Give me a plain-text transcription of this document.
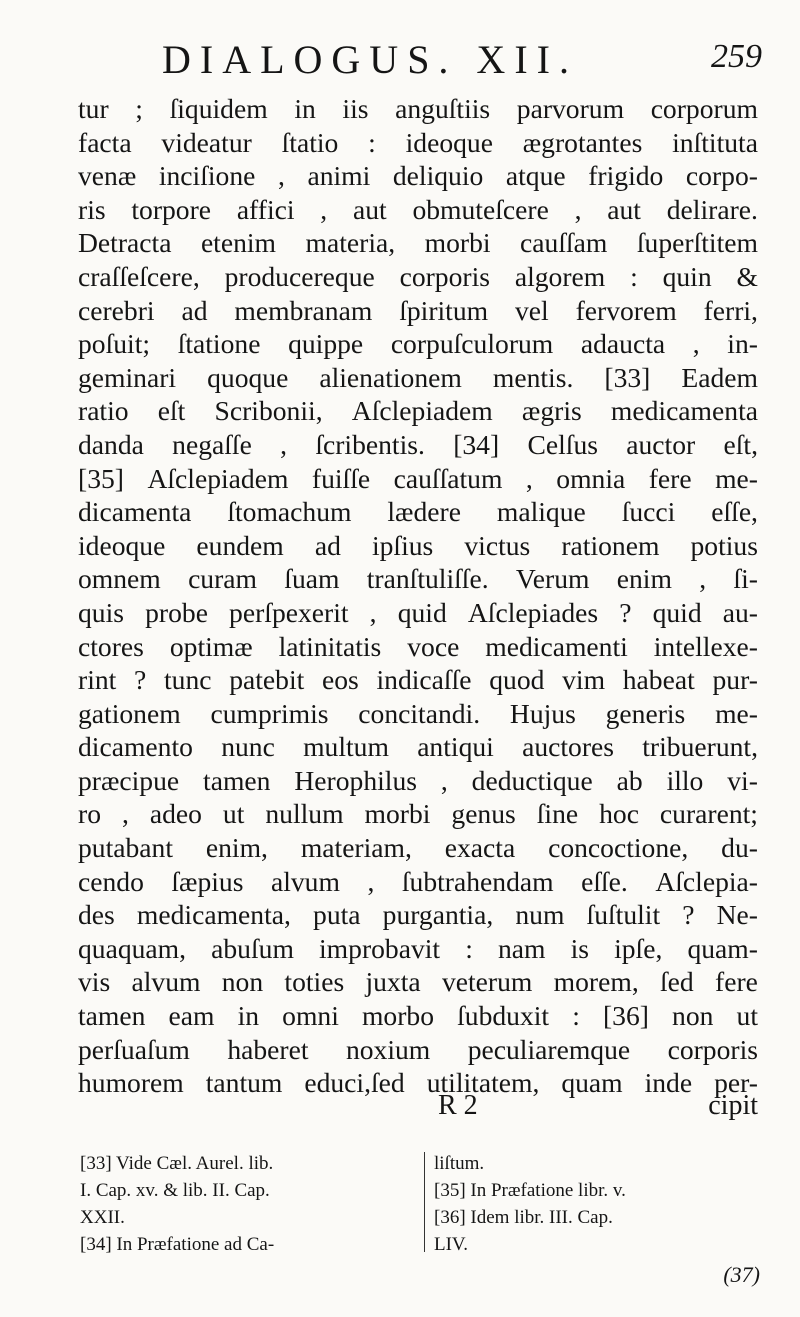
DIALOGUS. XII.	259
tur ; ſiquidem in iis anguſtiis parvorum corporum
facta videatur ſtatio : ideoque ægrotantes inſtituta
venæ inciſione , animi deliquio atque frigido corpo-
ris torpore affici , aut obmuteſcere , aut delirare.
Detracta etenim materia, morbi cauſſam ſuperſtitem
craſſeſcere, producereque corporis algorem : quin &
cerebri ad membranam ſpiritum vel fervorem ferri,
poſuit; ſtatione quippe corpuſculorum adaucta , in-
geminari quoque alienationem mentis. [33] Eadem
ratio eſt Scribonii, Aſclepiadem ægris medicamenta
danda negaſſe , ſcribentis. [34] Celſus auctor eſt,
[35] Aſclepiadem fuiſſe cauſſatum , omnia fere me-
dicamenta ſtomachum lædere malique ſucci eſſe,
ideoque eundem ad ipſius victus rationem potius
omnem curam ſuam tranſtuliſſe. Verum enim , ſi-
quis probe perſpexerit , quid Aſclepiades ? quid au-
ctores optimæ latinitatis voce medicamenti intellexe-
rint ? tunc patebit eos indicaſſe quod vim habeat pur-
gationem cumprimis concitandi. Hujus generis me-
dicamento nunc multum antiqui auctores tribuerunt,
præcipue tamen Herophilus , deductique ab illo vi-
ro , adeo ut nullum morbi genus ſine hoc curarent;
putabant enim, materiam, exacta concoctione, du-
cendo ſæpius alvum , ſubtrahendam eſſe. Aſclepia-
des medicamenta, puta purgantia, num ſuſtulit ? Ne-
quaquam, abuſum improbavit : nam is ipſe, quam-
vis alvum non toties juxta veterum morem, ſed fere
tamen eam in omni morbo ſubduxit : [36] non ut
perſuaſum haberet noxium peculiaremque corporis
humorem tantum educi,ſed utilitatem, quam inde per-
R 2	cipit
[33] Vide Cæl. Aurel. lib.
I. Cap. xv. & lib. II. Cap.
XXII.
[34] In Præfatione ad Ca-
liſtum.
[35] In Præfatione libr. v.
[36] Idem libr. III. Cap.
LIV.
(37)
